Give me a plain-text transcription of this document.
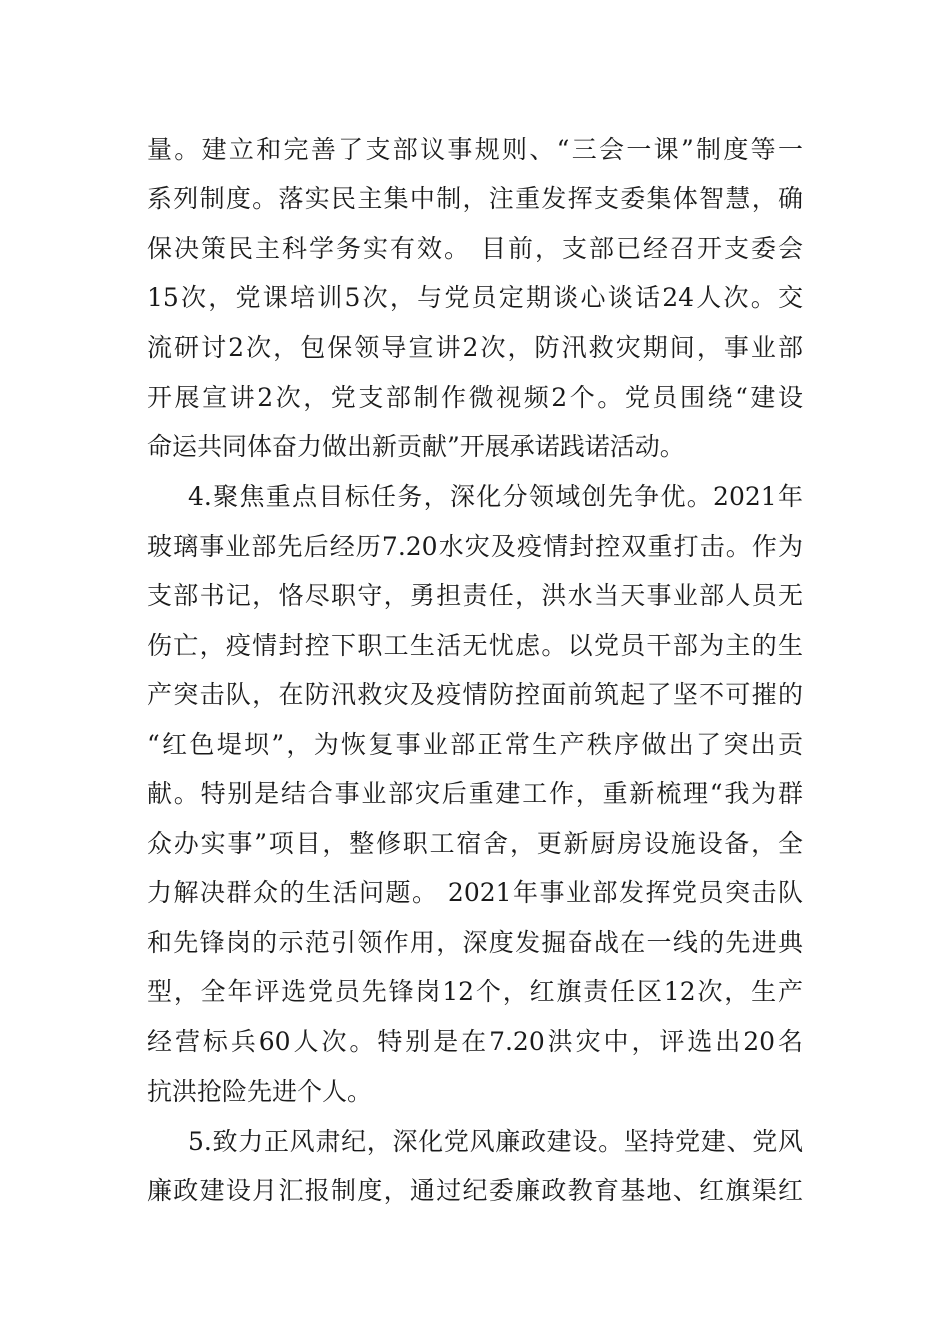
量。建立和完善了支部议事规则、“三会一课”制度等一
系列制度。落实民主集中制，注重发挥支委集体智慧，确
保决策民主科学务实有效。 目前，支部已经召开支委会
15次，党课培训5次，与党员定期谈心谈话24人次。交
流研讨2次，包保领导宣讲2次，防汛救灾期间，事业部
开展宣讲2次，党支部制作微视频2个。党员围绕“建设
命运共同体奋力做出新贡献”开展承诺践诺活动。
4.聚焦重点目标任务，深化分领域创先争优。2021年
玻璃事业部先后经历7.20水灾及疫情封控双重打击。作为
支部书记，恪尽职守，勇担责任，洪水当天事业部人员无
伤亡，疫情封控下职工生活无忧虑。以党员干部为主的生
产突击队，在防汛救灾及疫情防控面前筑起了坚不可摧的
“红色堤坝”，为恢复事业部正常生产秩序做出了突出贡
献。特别是结合事业部灾后重建工作，重新梳理“我为群
众办实事”项目，整修职工宿舍，更新厨房设施设备，全
力解决群众的生活问题。 2021年事业部发挥党员突击队
和先锋岗的示范引领作用，深度发掘奋战在一线的先进典
型，全年评选党员先锋岗12个，红旗责任区12次，生产
经营标兵60人次。特别是在7.20洪灾中，评选出20名
抗洪抢险先进个人。
5.致力正风肃纪，深化党风廉政建设。坚持党建、党风
廉政建设月汇报制度，通过纪委廉政教育基地、红旗渠红
